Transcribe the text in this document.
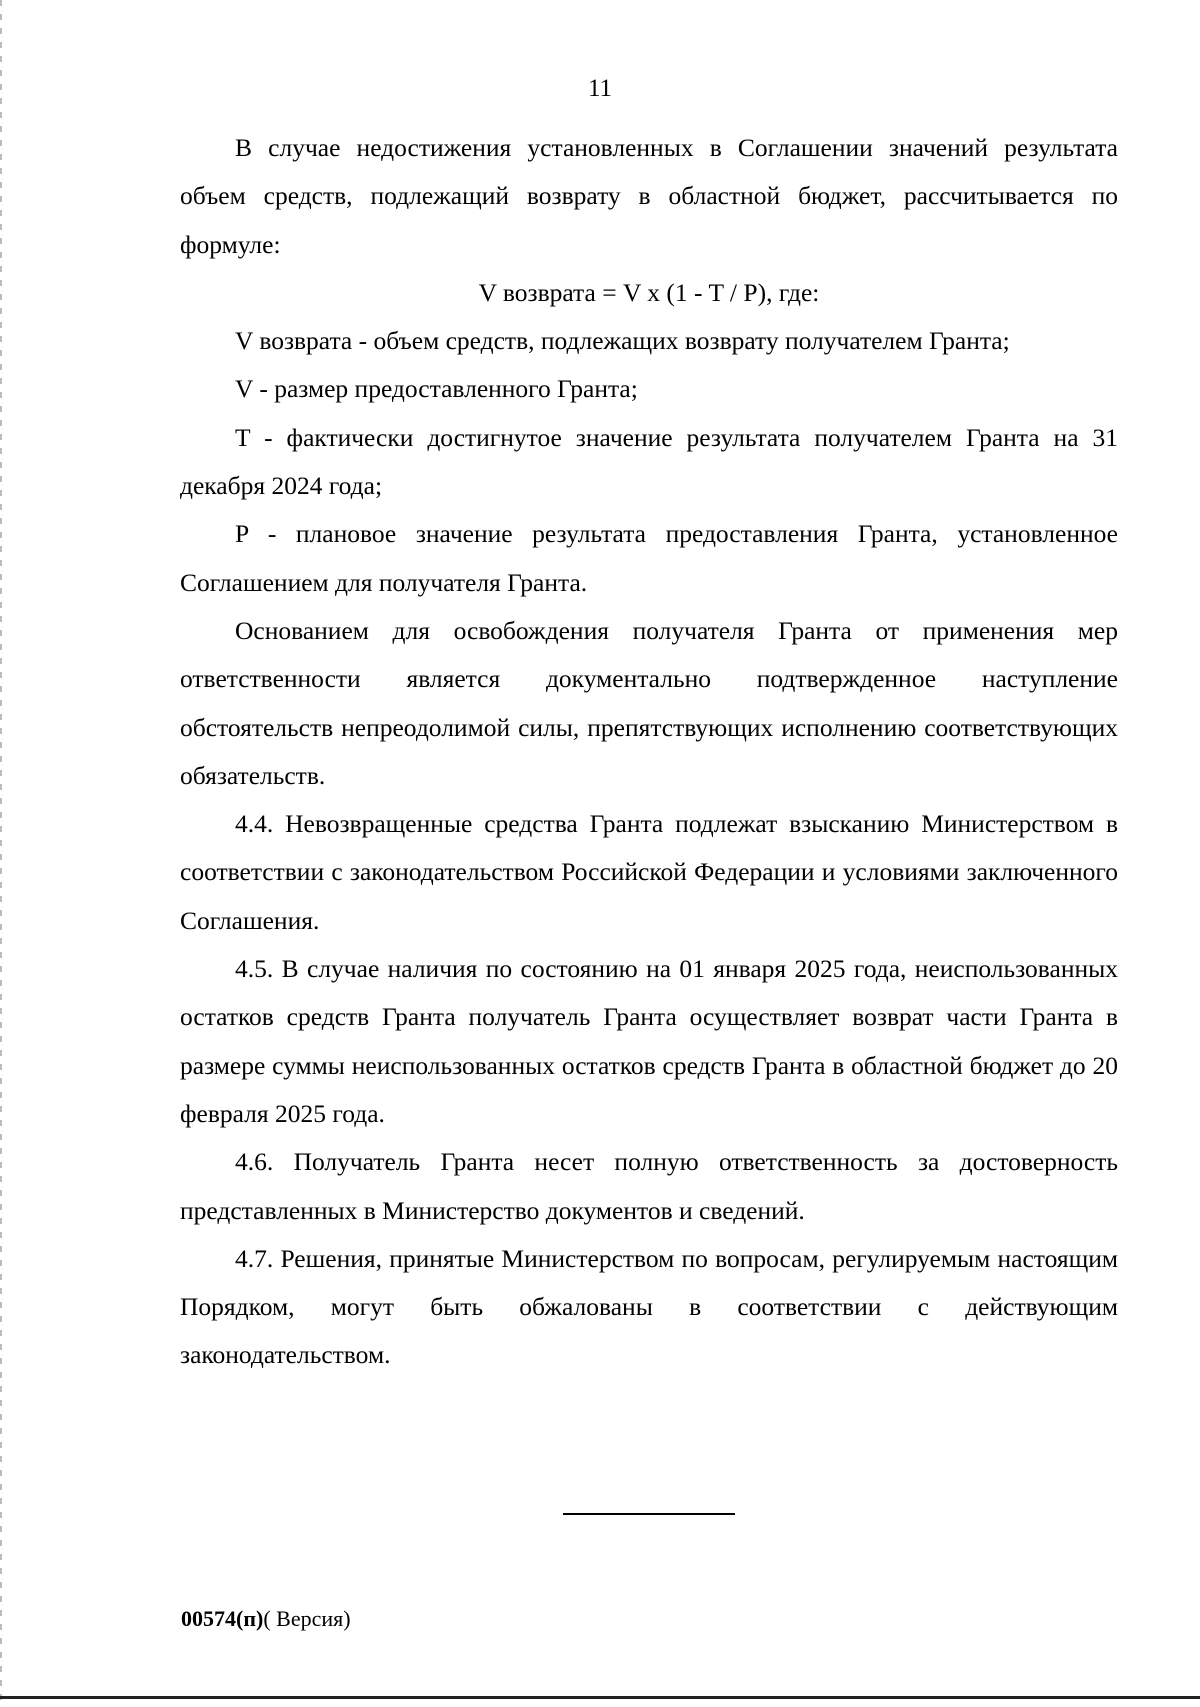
11

В случае недостижения установленных в Соглашении значений результата объем средств, подлежащий возврату в областной бюджет, рассчитывается по формуле:

V возврата = V x (1 - T / P), где:

V возврата - объем средств, подлежащих возврату получателем Гранта;

V - размер предоставленного Гранта;

T - фактически достигнутое значение результата получателем Гранта на 31 декабря 2024 года;

P - плановое значение результата предоставления Гранта, установленное Соглашением для получателя Гранта.

Основанием для освобождения получателя Гранта от применения мер ответственности является документально подтвержденное наступление обстоятельств непреодолимой силы, препятствующих исполнению соответствующих обязательств.

4.4. Невозвращенные средства Гранта подлежат взысканию Министерством в соответствии с законодательством Российской Федерации и условиями заключенного Соглашения.

4.5. В случае наличия по состоянию на 01 января 2025 года, неиспользованных остатков средств Гранта получатель Гранта осуществляет возврат части Гранта в размере суммы неиспользованных остатков средств Гранта в областной бюджет до 20 февраля 2025 года.

4.6. Получатель Гранта несет полную ответственность за достоверность представленных в Министерство документов и сведений.

4.7. Решения, принятые Министерством по вопросам, регулируемым настоящим Порядком, могут быть обжалованы в соответствии с действующим законодательством.

00574(п)( Версия)
